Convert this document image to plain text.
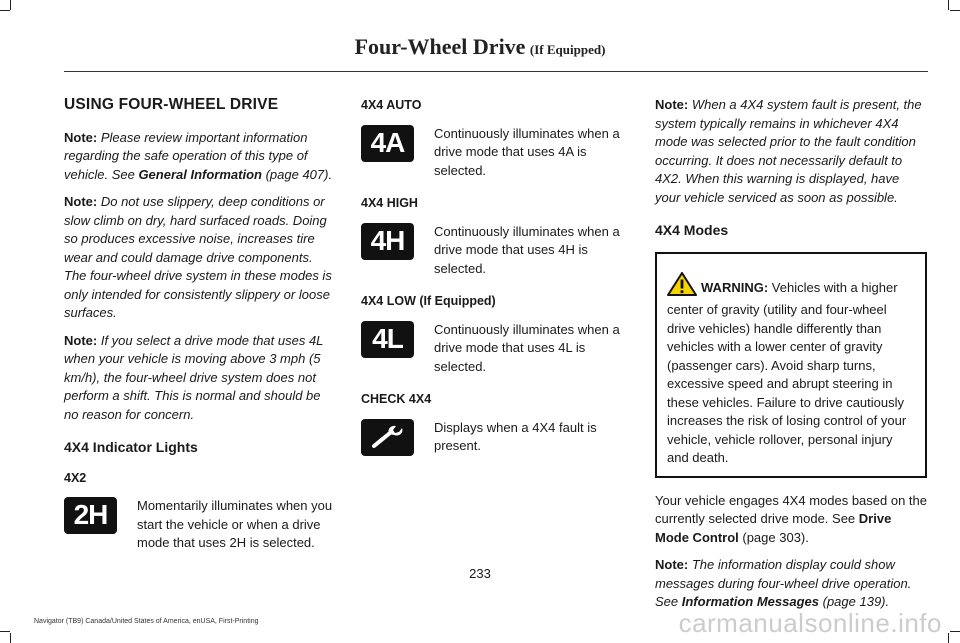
Four-Wheel Drive (If Equipped)
USING FOUR-WHEEL DRIVE

Note: Please review important information regarding the safe operation of this type of vehicle. See General Information (page 407).

Note: Do not use slippery, deep conditions or slow climb on dry, hard surfaced roads. Doing so produces excessive noise, increases tire wear and could damage drive components. The four-wheel drive system in these modes is only intended for consistently slippery or loose surfaces.

Note: If you select a drive mode that uses 4L when your vehicle is moving above 3 mph (5 km/h), the four-wheel drive system does not perform a shift. This is normal and should be no reason for concern.

4X4 Indicator Lights
4X2
2H	Momentarily illuminates when you start the vehicle or when a drive mode that uses 2H is selected.
4X4 AUTO
4A	Continuously illuminates when a drive mode that uses 4A is selected.
4X4 HIGH
4H	Continuously illuminates when a drive mode that uses 4H is selected.
4X4 LOW (If Equipped)
4L	Continuously illuminates when a drive mode that uses 4L is selected.
CHECK 4X4
Displays when a 4X4 fault is present.

Note: When a 4X4 system fault is present, the system typically remains in whichever 4X4 mode was selected prior to the fault condition occurring. It does not necessarily default to 4X2. When this warning is displayed, have your vehicle serviced as soon as possible.

4X4 Modes
WARNING: Vehicles with a higher center of gravity (utility and four-wheel drive vehicles) handle differently than vehicles with a lower center of gravity (passenger cars). Avoid sharp turns, excessive speed and abrupt steering in these vehicles. Failure to drive cautiously increases the risk of losing control of your vehicle, vehicle rollover, personal injury and death.

Your vehicle engages 4X4 modes based on the currently selected drive mode. See Drive Mode Control (page 303).

Note: The information display could show messages during four-wheel drive operation. See Information Messages (page 139).

233
Navigator (TB9) Canada/United States of America, enUSA, First-Printing	carmanualsonline.info
